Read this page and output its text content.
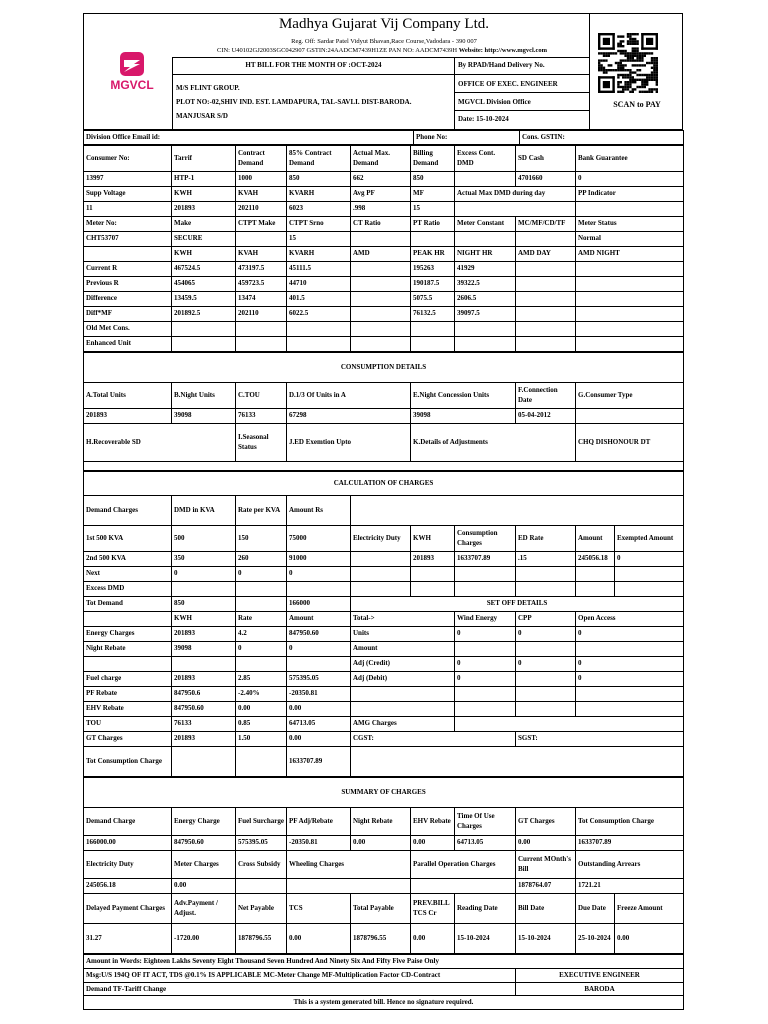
MGVCL
Madhya Gujarat Vij Company Ltd.
Reg. Off: Sardar Patel Vidyut Bhavan,Race Course,Vadodara - 390 007
CIN: U40102GJ2003SGC042907 GSTIN:24AADCM7439H1ZE PAN NO: AADCM7439H Website: http://www.mgvcl.com
HT BILL FOR THE MONTH OF :OCT-2024
M/S FLINT GROUP.
PLOT NO:-02,SHIV IND. EST. LAMDAPURA, TAL-SAVLI. DIST-BARODA.
MANJUSAR S/D
By RPAD/Hand Delivery No.
OFFICE OF EXEC. ENGINEER
MGVCL Division Office
Date: 15-10-2024
SCAN to PAY
Division Office Email id:	Phone No:	Cons. GSTIN:
Consumer No:	Tarrif	Contract Demand	85% Contract Demand	Actual Max. Demand	Billing Demand	Excess Cont. DMD	SD Cash	Bank Guarantee
13997	HTP-1	1000	850	662	850		4701660	0
Supp Voltage	KWH	KVAH	KVARH	Avg PF	MF	Actual Max DMD during day		PP Indicator
11	201893	202110	6023	.998	15			
Meter No:	Make	CTPT Make	CTPT Srno	CT Ratio	PT Ratio	Meter Constant	MC/MF/CD/TF	Meter Status
CHT53707	SECURE		15					Normal
	KWH	KVAH	KVARH	AMD	PEAK HR	NIGHT HR	AMD DAY	AMD NIGHT
Current R	467524.5	473197.5	45111.5		195263	41929		
Previous R	454065	459723.5	44710		190187.5	39322.5		
Difference	13459.5	13474	401.5		5075.5	2606.5		
Diff*MF	201892.5	202110	6022.5		76132.5	39097.5		
Old Met Cons.								
Enhanced Unit								
CONSUMPTION DETAILS						
A.Total Units	B.Night Units	C.TOU	D.1/3 Of Units in A	E.Night Concession Units	F.Connection Date	G.Consumer Type
201893	39098	76133	67298	39098	05-04-2012	
H.Recoverable SD		I.Seasonal Status	J.ED Exemtion Upto	K.Details of Adjustments		CHQ DISHONOUR DT

CALCULATION OF CHARGES									
Demand Charges	DMD in KVA	Rate per KVA	Amount Rs						
1st 500 KVA	500	150	75000	Electricity Duty	KWH	Consumption Charges	ED Rate	Amount	Exempted Amount
2nd 500 KVA	350	260	91000		201893	1633707.89	.15	245056.18	0
Next	0	0	0						
Excess DMD									
Tot Demand	850		166000	SET OFF DETAILS					
	KWH	Rate	Amount	Total->		Wind Energy	CPP	Open Access	
Energy Charges	201893	4.2	847950.60	Units		0	0	0	
Night Rebate	39098	0	0	Amount					
				Adj (Credit)		0	0	0	
Fuel charge	201893	2.85	575395.05	Adj (Debit)		0		0	
PF Rebate	847950.6	-2.40%	-20350.81						
EHV Rebate	847950.60	0.00	0.00						
TOU	76133	0.85	64713.05	AMG Charges					
GT Charges	201893	1.50	0.00	CGST:			SGST:		
Tot Consumption Charge			1633707.89						
SUMMARY OF CHARGES									
Demand Charge	Energy Charge	Fuel Surcharge	PF Adj/Rebate	Night Rebate	EHV Rebate	Time Of Use Charges	GT Charges	Tot Consumption Charge	
166000.00	847950.60	575395.05	-20350.81	0.00	0.00	64713.05	0.00	1633707.89	
Electricity Duty	Meter Charges	Cross Subsidy	Wheeling Charges		Parallel Operation Charges		Current MOnth's Bill	Outstanding Arrears	
245056.18	0.00						1878764.07	1721.21	
Delayed Payment Charges	Adv.Payment / Adjust.	Net Payable	TCS	Total Payable	PREV.BILL TCS Cr	Reading Date	Bill Date	Due Date	Freeze Amount
31.27	-1720.00	1878796.55	0.00	1878796.55	0.00	15-10-2024	15-10-2024	25-10-2024	0.00
Amount in Words: Eighteen Lakhs Seventy Eight Thousand Seven Hundred And Ninety Six And Fifty Five Paise Only	
Msg:U/S 194Q OF IT ACT, TDS @0.1% IS APPLICABLE MC-Meter Change MF-Multiplication Factor CD-Contract	EXECUTIVE ENGINEER
Demand TF-Tariff Change	BARODA
This is a system generated bill. Hence no signature required.	
